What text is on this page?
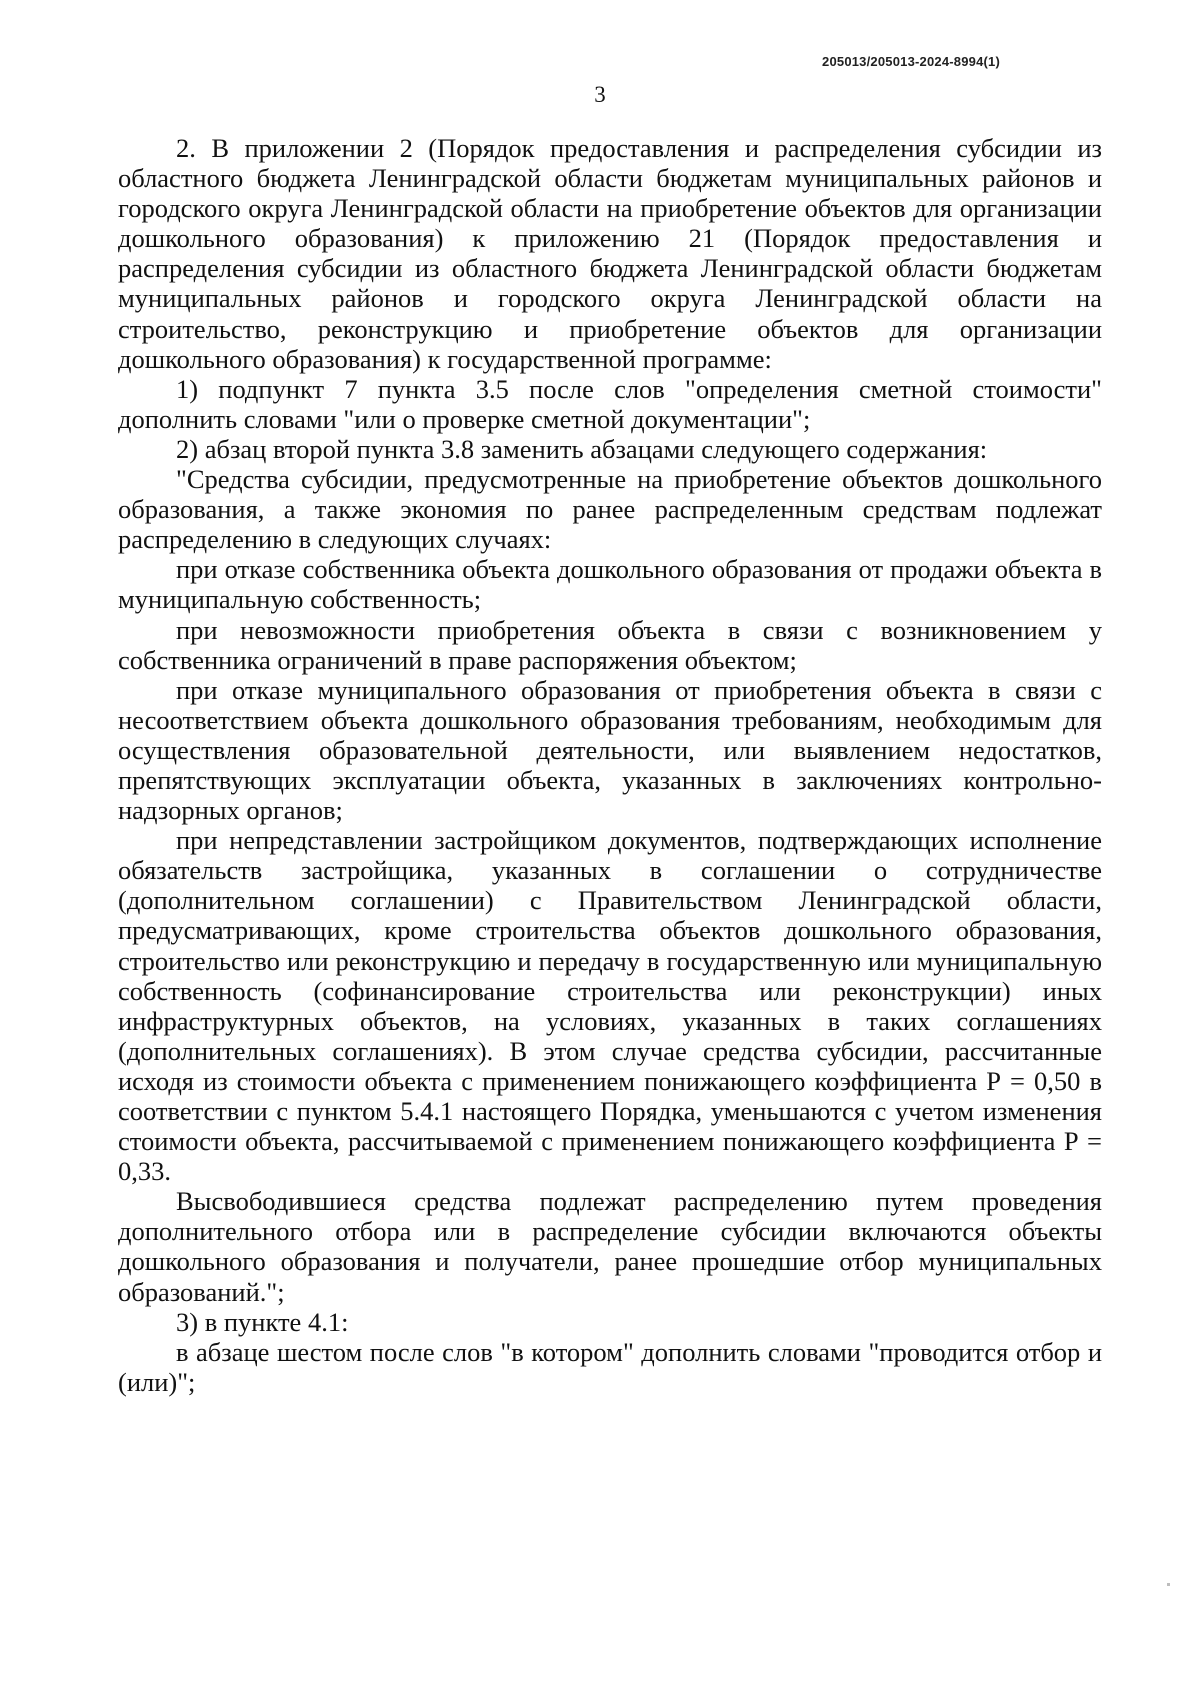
205013/205013-2024-8994(1)
3

2. В приложении 2 (Порядок предоставления и распределения субсидии из областного бюджета Ленинградской области бюджетам муниципальных районов и городского округа Ленинградской области на приобретение объектов для организации дошкольного образования) к приложению 21 (Порядок предоставления и распределения субсидии из областного бюджета Ленинградской области бюджетам муниципальных районов и городского округа Ленинградской области на строительство, реконструкцию и приобретение объектов для организации дошкольного образования) к государственной программе:

1) подпункт 7 пункта 3.5 после слов "определения сметной стоимости" дополнить словами "или о проверке сметной документации";

2) абзац второй пункта 3.8 заменить абзацами следующего содержания:

"Средства субсидии, предусмотренные на приобретение объектов дошкольного образования, а также экономия по ранее распределенным средствам подлежат распределению в следующих случаях:

при отказе собственника объекта дошкольного образования от продажи объекта в муниципальную собственность;

при невозможности приобретения объекта в связи с возникновением у собственника ограничений в праве распоряжения объектом;

при отказе муниципального образования от приобретения объекта в связи с несоответствием объекта дошкольного образования требованиям, необходимым для осуществления образовательной деятельности, или выявлением недостатков, препятствующих эксплуатации объекта, указанных в заключениях контрольно-надзорных органов;

при непредставлении застройщиком документов, подтверждающих исполнение обязательств застройщика, указанных в соглашении о сотрудничестве (дополнительном соглашении) с Правительством Ленинградской области, предусматривающих, кроме строительства объектов дошкольного образования, строительство или реконструкцию и передачу в государственную или муниципальную собственность (софинансирование строительства или реконструкции) иных инфраструктурных объектов, на условиях, указанных в таких соглашениях (дополнительных соглашениях). В этом случае средства субсидии, рассчитанные исходя из стоимости объекта с применением понижающего коэффициента Р = 0,50 в соответствии с пунктом 5.4.1 настоящего Порядка, уменьшаются с учетом изменения стоимости объекта, рассчитываемой с применением понижающего коэффициента Р = 0,33.

Высвободившиеся средства подлежат распределению путем проведения дополнительного отбора или в распределение субсидии включаются объекты дошкольного образования и получатели, ранее прошедшие отбор муниципальных образований.";

3) в пункте 4.1:

в абзаце шестом после слов "в котором" дополнить словами "проводится отбор и (или)";
